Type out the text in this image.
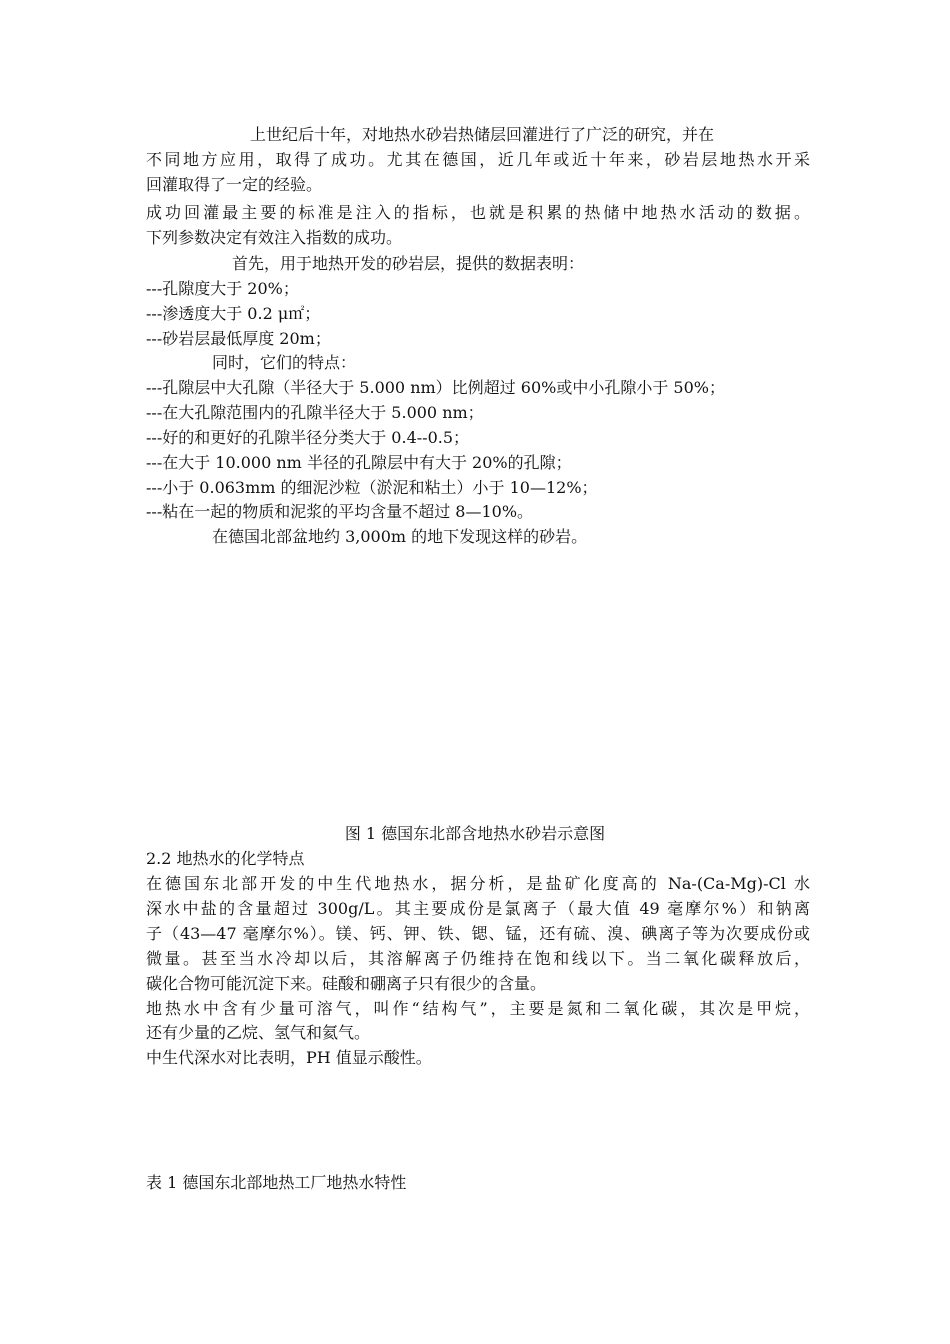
上世纪后十年，对地热水砂岩热储层回灌进行了广泛的研究，并在
不同地方应用，取得了成功。尤其在德国，近几年或近十年来，砂岩层地热水开采
回灌取得了一定的经验。
成功回灌最主要的标准是注入的指标，也就是积累的热储中地热水活动的数据。
下列参数决定有效注入指数的成功。
首先，用于地热开发的砂岩层，提供的数据表明：
---孔隙度大于 20%；
---渗透度大于 0.2 μ㎡；
---砂岩层最低厚度 20m；
同时，它们的特点：
---孔隙层中大孔隙（半径大于 5.000 nm）比例超过 60%或中小孔隙小于 50%；
---在大孔隙范围内的孔隙半径大于 5.000 nm；
---好的和更好的孔隙半径分类大于 0.4--0.5；
---在大于 10.000 nm 半径的孔隙层中有大于 20%的孔隙；
---小于 0.063mm 的细泥沙粒（淤泥和粘土）小于 10—12%；
---粘在一起的物质和泥浆的平均含量不超过 8—10%。
在德国北部盆地约 3,000m 的地下发现这样的砂岩。
图 1 德国东北部含地热水砂岩示意图
2.2 地热水的化学特点
在德国东北部开发的中生代地热水，据分析，是盐矿化度高的 Na-(Ca-Mg)-Cl 水
深水中盐的含量超过 300g/L。其主要成份是氯离子（最大值 49 毫摩尔%）和钠离
子（43—47 毫摩尔%）。镁、钙、钾、铁、锶、锰，还有硫、溴、碘离子等为次要成份或
微量。甚至当水冷却以后，其溶解离子仍维持在饱和线以下。当二氧化碳释放后，
碳化合物可能沉淀下来。硅酸和硼离子只有很少的含量。
地热水中含有少量可溶气，叫作“结构气”，主要是氮和二氧化碳，其次是甲烷，
还有少量的乙烷、氢气和氦气。
中生代深水对比表明，PH 值显示酸性。
表 1 德国东北部地热工厂地热水特性
